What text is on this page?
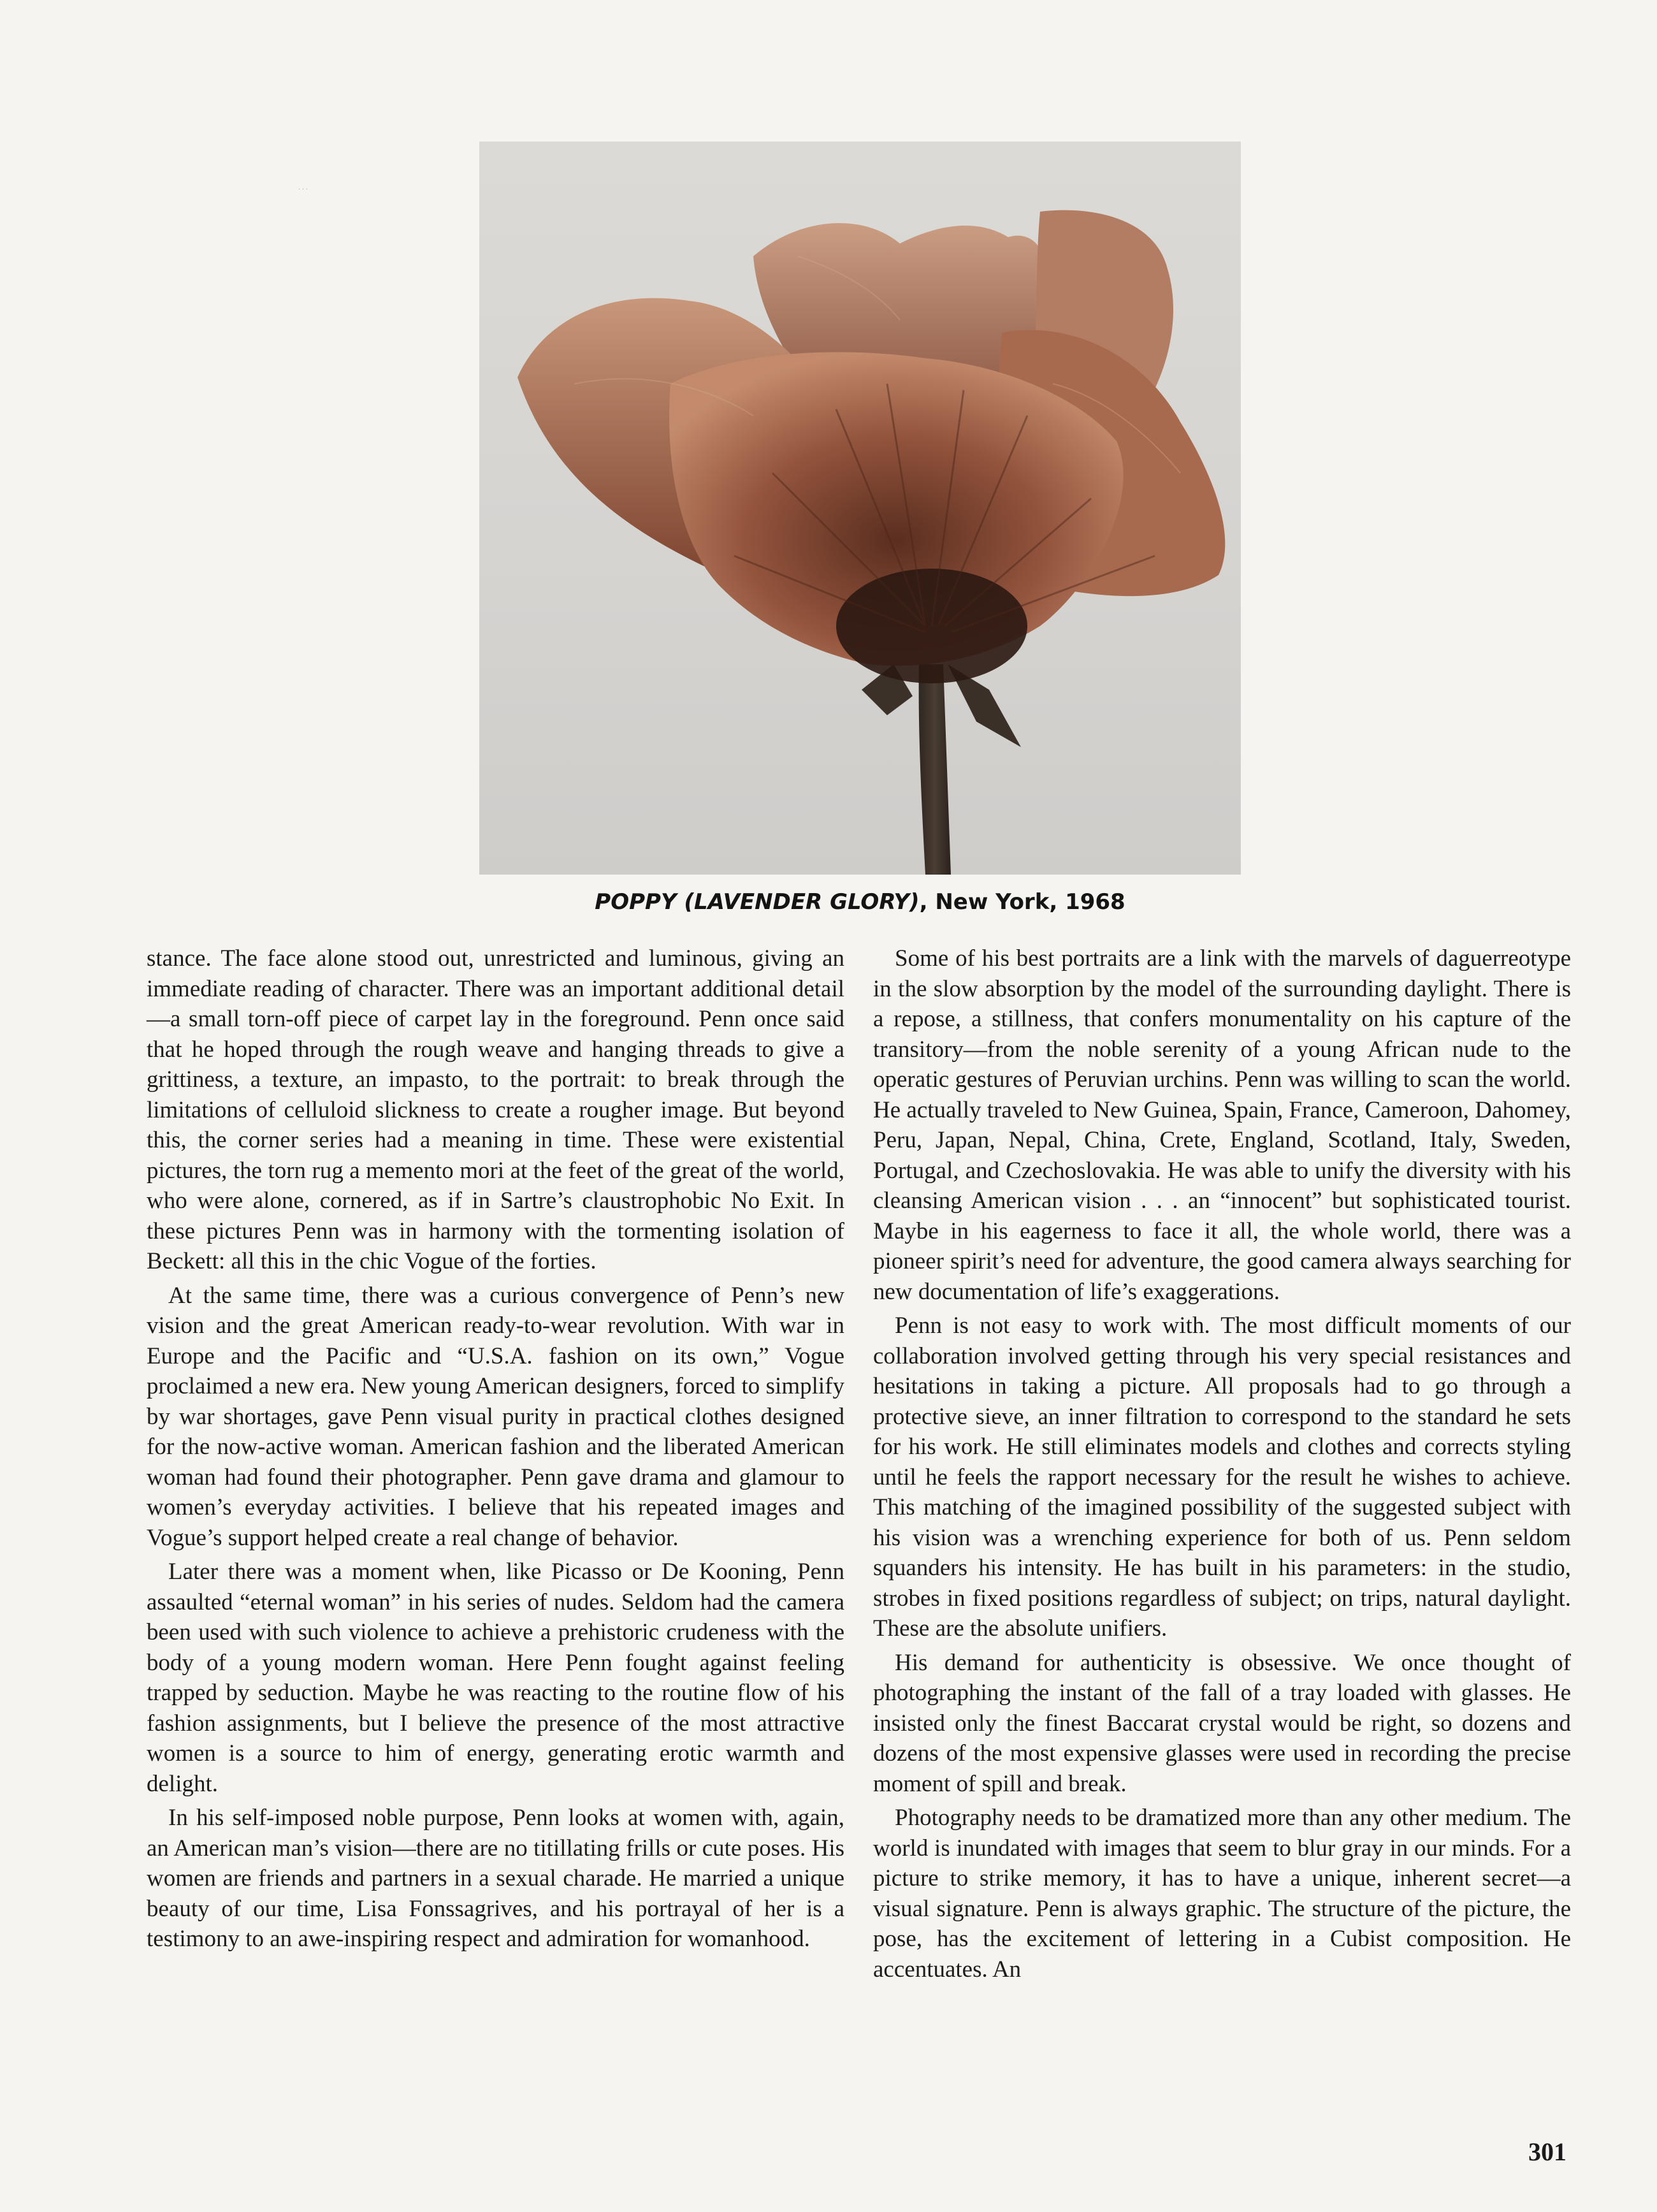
· · ·
POPPY (LAVENDER GLORY), New York, 1968

stance. The face alone stood out, unrestricted and luminous, giving an immediate reading of character. There was an important additional detail—a small torn-off piece of carpet lay in the foreground. Penn once said that he hoped through the rough weave and hanging threads to give a grittiness, a texture, an impasto, to the portrait: to break through the limitations of celluloid slickness to create a rougher image. But beyond this, the corner series had a meaning in time. These were existential pictures, the torn rug a memento mori at the feet of the great of the world, who were alone, cornered, as if in Sartre’s claustrophobic No Exit. In these pictures Penn was in harmony with the tormenting isolation of Beckett: all this in the chic Vogue of the forties.

At the same time, there was a curious convergence of Penn’s new vision and the great American ready-to-wear revolution. With war in Europe and the Pacific and “U.S.A. fashion on its own,” Vogue proclaimed a new era. New young American designers, forced to simplify by war shortages, gave Penn visual purity in practical clothes designed for the now-active woman. American fashion and the liberated American woman had found their photographer. Penn gave drama and glamour to women’s everyday activities. I believe that his repeated images and Vogue’s support helped create a real change of behavior.

Later there was a moment when, like Picasso or De Kooning, Penn assaulted “eternal woman” in his series of nudes. Seldom had the camera been used with such violence to achieve a prehistoric crudeness with the body of a young modern woman. Here Penn fought against feeling trapped by seduction. Maybe he was reacting to the routine flow of his fashion assignments, but I believe the presence of the most attractive women is a source to him of energy, generating erotic warmth and delight.

In his self-imposed noble purpose, Penn looks at women with, again, an American man’s vision—there are no titillating frills or cute poses. His women are friends and partners in a sexual charade. He married a unique beauty of our time, Lisa Fonssagrives, and his portrayal of her is a testimony to an awe-inspiring respect and admiration for womanhood.

Some of his best portraits are a link with the marvels of daguerreotype in the slow absorption by the model of the surrounding daylight. There is a repose, a stillness, that confers monumentality on his capture of the transitory—from the noble serenity of a young African nude to the operatic gestures of Peruvian urchins. Penn was willing to scan the world. He actually traveled to New Guinea, Spain, France, Cameroon, Dahomey, Peru, Japan, Nepal, China, Crete, England, Scotland, Italy, Sweden, Portugal, and Czechoslovakia. He was able to unify the diversity with his cleansing American vision . . . an “innocent” but sophisticated tourist. Maybe in his eagerness to face it all, the whole world, there was a pioneer spirit’s need for adventure, the good camera always searching for new documentation of life’s exaggerations.

Penn is not easy to work with. The most difficult moments of our collaboration involved getting through his very special resistances and hesitations in taking a picture. All proposals had to go through a protective sieve, an inner filtration to correspond to the standard he sets for his work. He still eliminates models and clothes and corrects styling until he feels the rapport necessary for the result he wishes to achieve. This matching of the imagined possibility of the suggested subject with his vision was a wrenching experience for both of us. Penn seldom squanders his intensity. He has built in his parameters: in the studio, strobes in fixed positions regardless of subject; on trips, natural daylight. These are the absolute unifiers.

His demand for authenticity is obsessive. We once thought of photographing the instant of the fall of a tray loaded with glasses. He insisted only the finest Baccarat crystal would be right, so dozens and dozens of the most expensive glasses were used in recording the precise moment of spill and break.

Photography needs to be dramatized more than any other medium. The world is inundated with images that seem to blur gray in our minds. For a picture to strike memory, it has to have a unique, inherent secret—a visual signature. Penn is always graphic. The structure of the picture, the pose, has the excitement of lettering in a Cubist composition. He accentuates. An

301
